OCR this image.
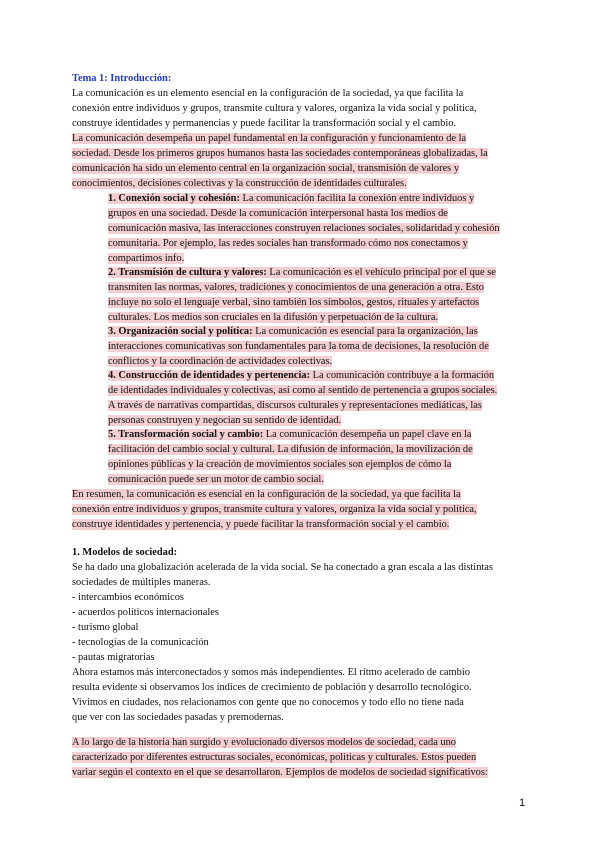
Tema 1: Introducción:
La comunicación es un elemento esencial en la configuración de la sociedad, ya que facilita la
conexión entre individuos y grupos, transmite cultura y valores, organiza la vida social y política,
construye identidades y permanencias y puede facilitar la transformación social y el cambio.
La comunicación desempeña un papel fundamental en la configuración y funcionamiento de la
sociedad. Desde los primeros grupos humanos hasta las sociedades contemporáneas globalizadas, la
comunicación ha sido un elemento central en la organización social, transmisión de valores y
conocimientos, decisiones colectivas y la construcción de identidades culturales.
1. Conexión social y cohesión: La comunicación facilita la conexión entre individuos y
grupos en una sociedad. Desde la comunicación interpersonal hasta los medios de
comunicación masiva, las interacciones construyen relaciones sociales, solidaridad y cohesión
comunitaria. Por ejemplo, las redes sociales han transformado cómo nos conectamos y
compartimos info.
2. Transmisión de cultura y valores: La comunicación es el vehículo principal por el que se
transmiten las normas, valores, tradiciones y conocimientos de una generación a otra. Esto
incluye no solo el lenguaje verbal, sino también los símbolos, gestos, rituales y artefactos
culturales. Los medios son cruciales en la difusión y perpetuación de la cultura.
3. Organización social y política: La comunicación es esencial para la organización, las
interacciones comunicativas son fundamentales para la toma de decisiones, la resolución de
conflictos y la coordinación de actividades colectivas.
4. Construcción de identidades y pertenencia: La comunicación contribuye a la formación
de identidades individuales y colectivas, así como al sentido de pertenencia a grupos sociales.
A través de narrativas compartidas, discursos culturales y representaciones mediáticas, las
personas construyen y negocian su sentido de identidad.
5. Transformación social y cambio: La comunicación desempeña un papel clave en la
facilitación del cambio social y cultural. La difusión de información, la movilización de
opiniones públicas y la creación de movimientos sociales son ejemplos de cómo la
comunicación puede ser un motor de cambio social.
En resumen, la comunicación es esencial en la configuración de la sociedad, ya que facilita la
conexión entre individuos y grupos, transmite cultura y valores, organiza la vida social y política,
construye identidades y pertenencia, y puede facilitar la transformación social y el cambio.
1. Modelos de sociedad:
Se ha dado una globalización acelerada de la vida social. Se ha conectado a gran escala a las distintas
sociedades de múltiples maneras.
- intercambios económicos
- acuerdos políticos internacionales
- turismo global
- tecnologías de la comunicación
- pautas migratorias
Ahora estamos más interconectados y somos más independientes. El ritmo acelerado de cambio
resulta evidente si observamos los índices de crecimiento de población y desarrollo tecnológico.
Vivimos en ciudades, nos relacionamos con gente que no conocemos y todo ello no tiene nada
que ver con las sociedades pasadas y premodernas.
A lo largo de la historia han surgido y evolucionado diversos modelos de sociedad, cada uno
caracterizado por diferentes estructuras sociales, económicas, políticas y culturales. Estos pueden
variar según el contexto en el que se desarrollaron. Ejemplos de modelos de sociedad significativos:
1
